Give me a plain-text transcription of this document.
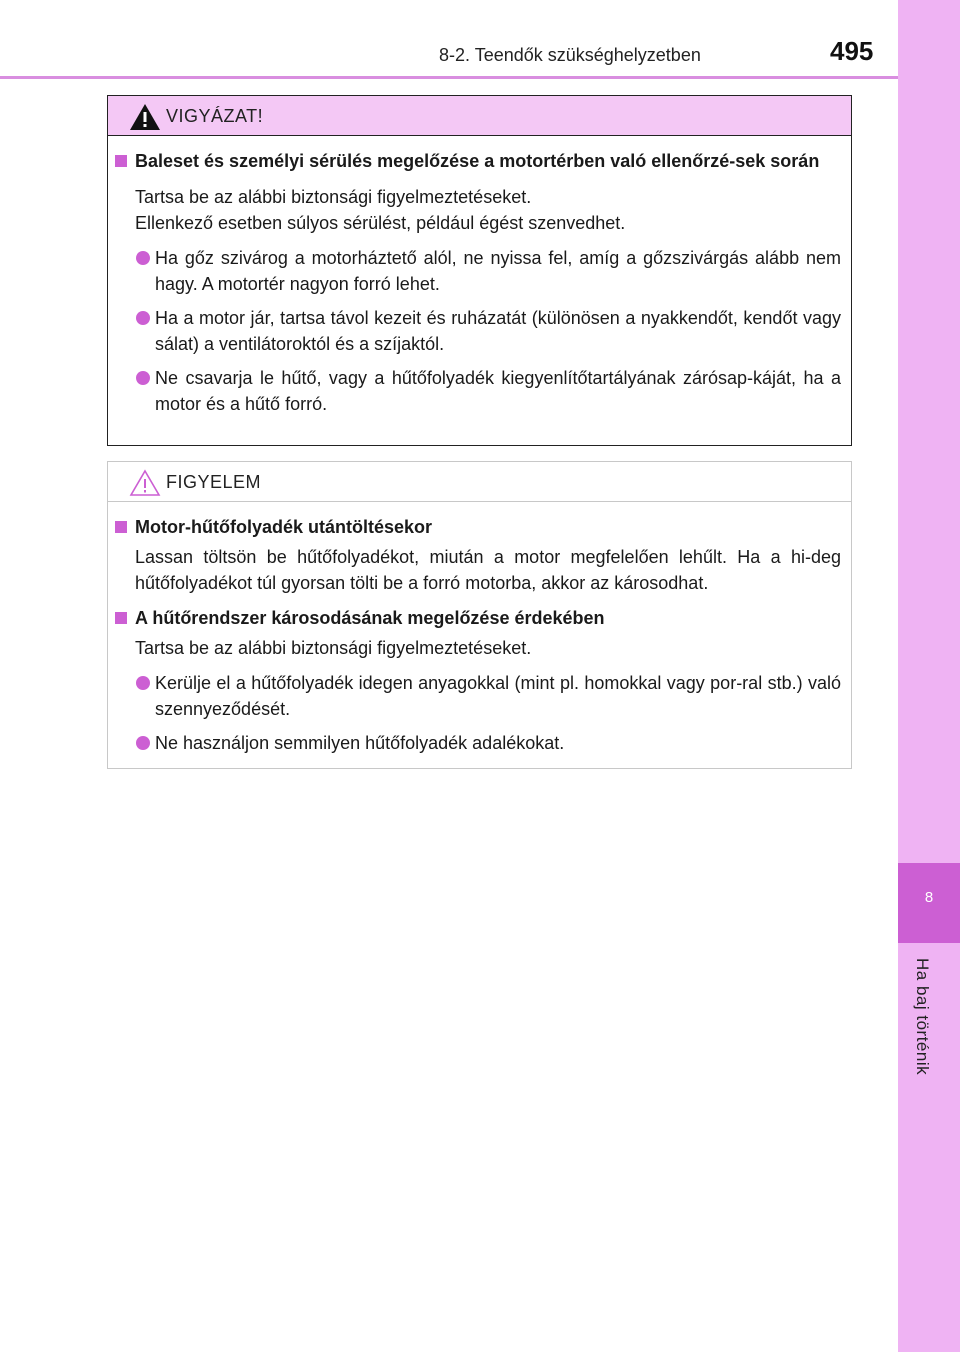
8-2. Teendők szükséghelyzetben	495
8
Ha baj történik
VIGYÁZAT!
Baleset és személyi sérülés megelőzése a motortérben való ellenőrzé-sek során
Tartsa be az alábbi biztonsági figyelmeztetéseket.
Ellenkező esetben súlyos sérülést, például égést szenvedhet.
Ha gőz szivárog a motorháztető alól, ne nyissa fel, amíg a gőzszivárgás alább nem hagy. A motortér nagyon forró lehet.
Ha a motor jár, tartsa távol kezeit és ruházatát (különösen a nyakkendőt, kendőt vagy sálat) a ventilátoroktól és a szíjaktól.
Ne csavarja le hűtő, vagy a hűtőfolyadék kiegyenlítőtartályának zárósap-káját, ha a motor és a hűtő forró.
FIGYELEM
Motor-hűtőfolyadék utántöltésekor
Lassan töltsön be hűtőfolyadékot, miután a motor megfelelően lehűlt. Ha a hi-deg hűtőfolyadékot túl gyorsan tölti be a forró motorba, akkor az károsodhat.
A hűtőrendszer károsodásának megelőzése érdekében
Tartsa be az alábbi biztonsági figyelmeztetéseket.
Kerülje el a hűtőfolyadék idegen anyagokkal (mint pl. homokkal vagy por-ral stb.) való szennyeződését.
Ne használjon semmilyen hűtőfolyadék adalékokat.
